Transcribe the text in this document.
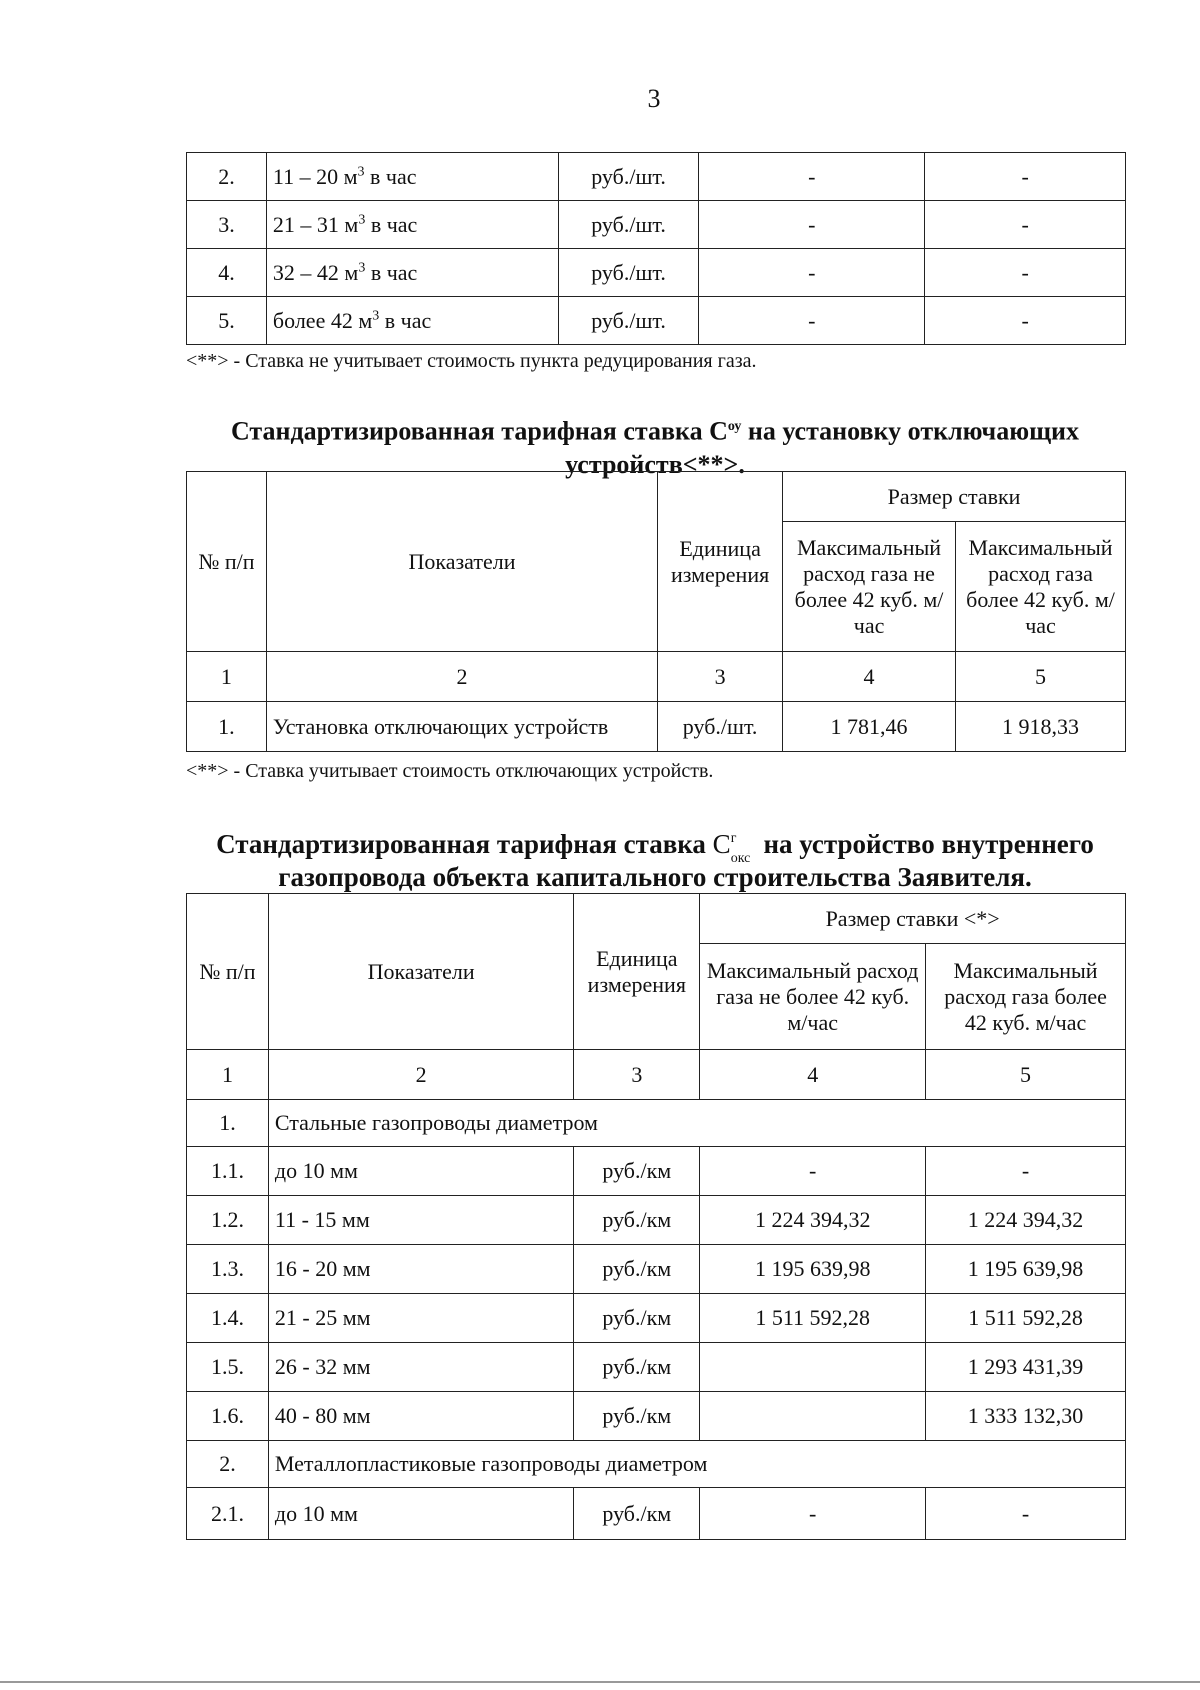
3
2.	11 – 20 $м^3$ в час	руб./шт.	-	-
3.	21 – 31 $м^3$ в час	руб./шт.	-	-
4.	32 – 42 $м^3$ в час	руб./шт.	-	-
5.	более 42 $м^3$ в час	руб./шт.	-	-
<**> - Ставка не учитывает стоимость пункта редуцирования газа.
Стандартизированная тарифная ставка $С^{оу}$ на установку отключающих устройств<**>.
№ п/п	Показатели	Единица измерения	Размер ставки	
			Максимальный расход газа не более 42 куб. м/час	Максимальный расход газа более 42 куб. м/час
1	2	3	4	5
1.	Установка отключающих устройств	руб./шт.	1 781,46	1 918,33
<**> - Ставка учитывает стоимость отключающих устройств.
Стандартизированная тарифная ставка С г
окс на устройство внутреннего газопровода объекта капитального строительства Заявителя.
№ п/п	Показатели	Единица измерения	Размер ставки <*>	
			Максимальный расход газа не более 42 куб. м/час	Максимальный расход газа более 42 куб. м/час
1	2	3	4	5
1.	Стальные газопроводы диаметром			
1.1.	до 10 мм	руб./км	-	-
1.2.	11 - 15 мм	руб./км	1 224 394,32	1 224 394,32
1.3.	16 - 20 мм	руб./км	1 195 639,98	1 195 639,98
1.4.	21 - 25 мм	руб./км	1 511 592,28	1 511 592,28
1.5.	26 - 32 мм	руб./км		1 293 431,39
1.6.	40 - 80 мм	руб./км		1 333 132,30
2.	Металлопластиковые газопроводы диаметром			
2.1.	до 10 мм	руб./км	-	-
